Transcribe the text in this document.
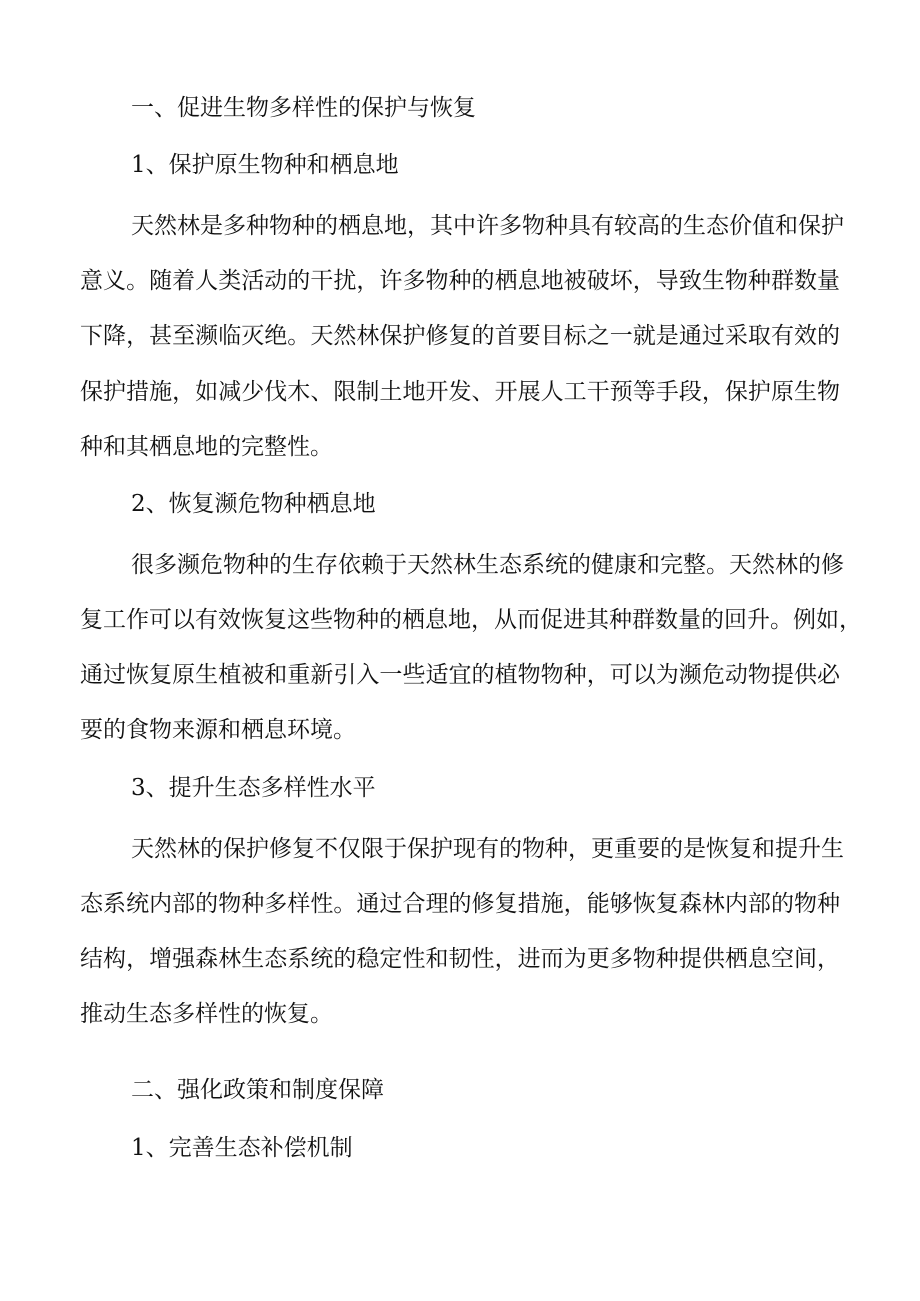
一、促进生物多样性的保护与恢复
1、保护原生物种和栖息地
天然林是多种物种的栖息地，其中许多物种具有较高的生态价值和保护
意义。随着人类活动的干扰，许多物种的栖息地被破坏，导致生物种群数量
下降，甚至濒临灭绝。天然林保护修复的首要目标之一就是通过采取有效的
保护措施，如减少伐木、限制土地开发、开展人工干预等手段，保护原生物
种和其栖息地的完整性。
2、恢复濒危物种栖息地
很多濒危物种的生存依赖于天然林生态系统的健康和完整。天然林的修
复工作可以有效恢复这些物种的栖息地，从而促进其种群数量的回升。例如，
通过恢复原生植被和重新引入一些适宜的植物物种，可以为濒危动物提供必
要的食物来源和栖息环境。
3、提升生态多样性水平
天然林的保护修复不仅限于保护现有的物种，更重要的是恢复和提升生
态系统内部的物种多样性。通过合理的修复措施，能够恢复森林内部的物种
结构，增强森林生态系统的稳定性和韧性，进而为更多物种提供栖息空间，
推动生态多样性的恢复。
二、强化政策和制度保障
1、完善生态补偿机制
